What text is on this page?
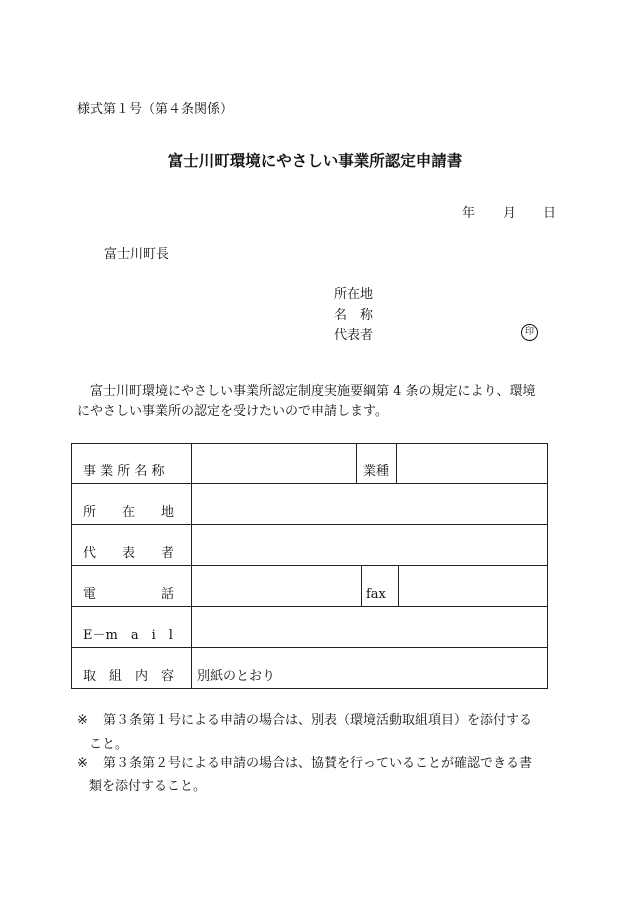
様式第１号（第４条関係）
富士川町環境にやさしい事業所認定申請書
年 月 日
富士川町長
所在地
名　称
代表者	印
富士川町環境にやさしい事業所認定制度実施要綱第 4 条の規定により、環境
にやさしい事業所の認定を受けたいので申請します。
事 業 所 名 称	業種
所　　在　　地
代　　表　　者
電　　　　　話	fax
E－m　a　i　l
取　組　内　容 別紙のとおり
※ 第３条第１号による申請の場合は、別表（環境活動取組項目）を添付する
こと。
※ 第３条第２号による申請の場合は、協賛を行っていることが確認できる書
類を添付すること。
